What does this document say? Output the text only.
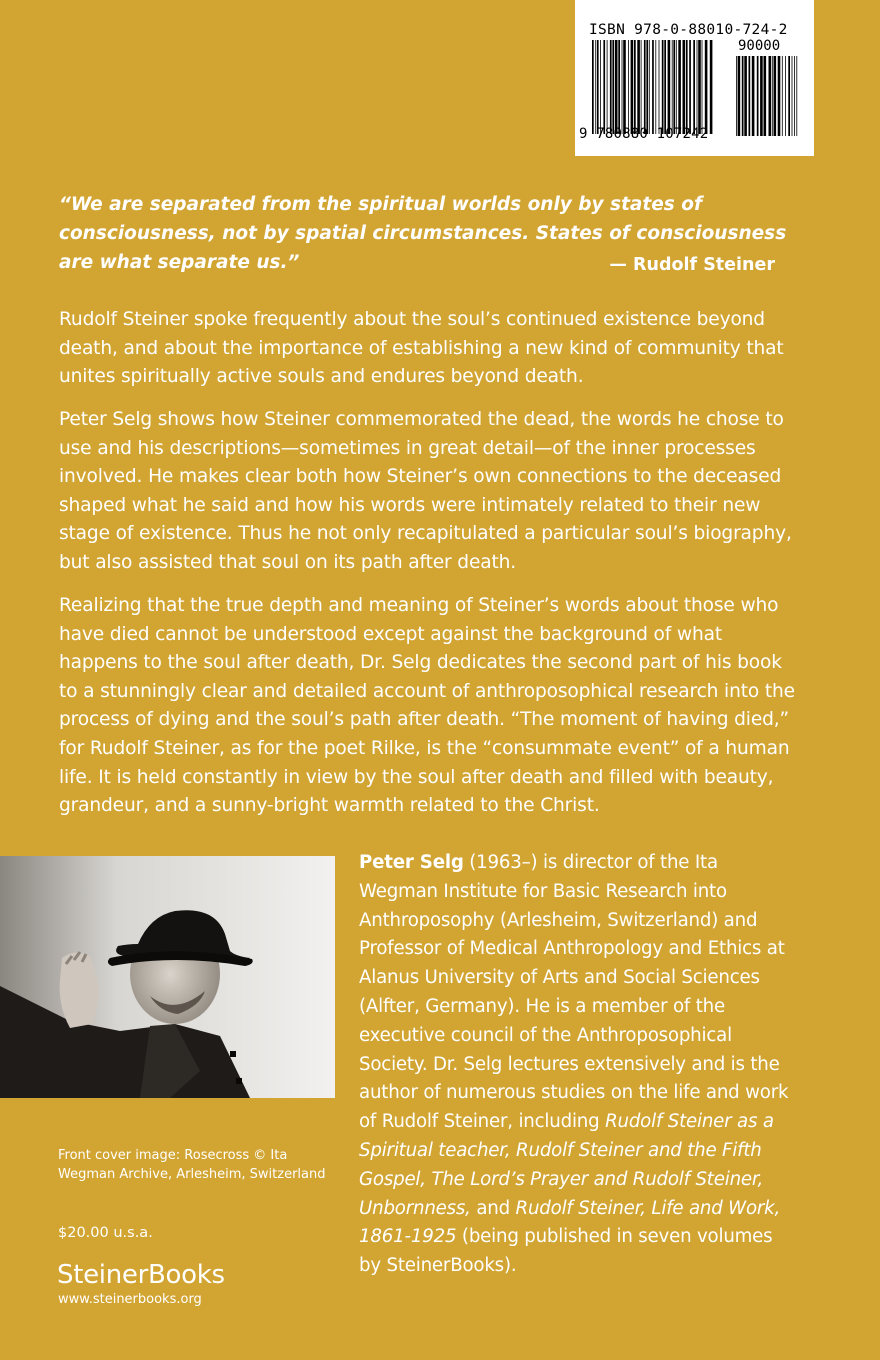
ISBN 978-0-88010-724-2
90000
9 780880 107242
“We are separated from the spiritual worlds only by states of consciousness, not by spatial circumstances. States of consciousness are what separate us.”	— Rudolf Steiner
Rudolf Steiner spoke frequently about the soul’s continued existence beyond death, and about the importance of establishing a new kind of community that unites spiritually active souls and endures beyond death.
Peter Selg shows how Steiner commemorated the dead, the words he chose to use and his descriptions—sometimes in great detail—of the inner processes involved. He makes clear both how Steiner’s own connections to the deceased shaped what he said and how his words were intimately related to their new stage of existence. Thus he not only recapitulated a particular soul’s biography, but also assisted that soul on its path after death.
Realizing that the true depth and meaning of Steiner’s words about those who have died cannot be understood except against the background of what happens to the soul after death, Dr. Selg dedicates the second part of his book to a stunningly clear and detailed account of anthroposophical research into the process of dying and the soul’s path after death. “The moment of having died,” for Rudolf Steiner, as for the poet Rilke, is the “consummate event” of a human life. It is held constantly in view by the soul after death and filled with beauty, grandeur, and a sunny-bright warmth related to the Christ.
Peter Selg (1963–) is director of the Ita Wegman Institute for Basic Research into Anthroposophy (Arlesheim, Switzerland) and Professor of Medical Anthropology and Ethics at Alanus University of Arts and Social Sciences (Alfter, Germany). He is a member of the executive council of the Anthroposophical Society. Dr. Selg lectures extensively and is the author of numerous studies on the life and work of Rudolf Steiner, including Rudolf Steiner as a Spiritual teacher, Rudolf Steiner and the Fifth Gospel, The Lord’s Prayer and Rudolf Steiner, Unbornness, and Rudolf Steiner, Life and Work, 1861-1925 (being published in seven volumes by SteinerBooks).
Front cover image: Rosecross © Ita Wegman Archive, Arlesheim, Switzerland
$20.00 u.s.a.
SteinerBooks
www.steinerbooks.org
